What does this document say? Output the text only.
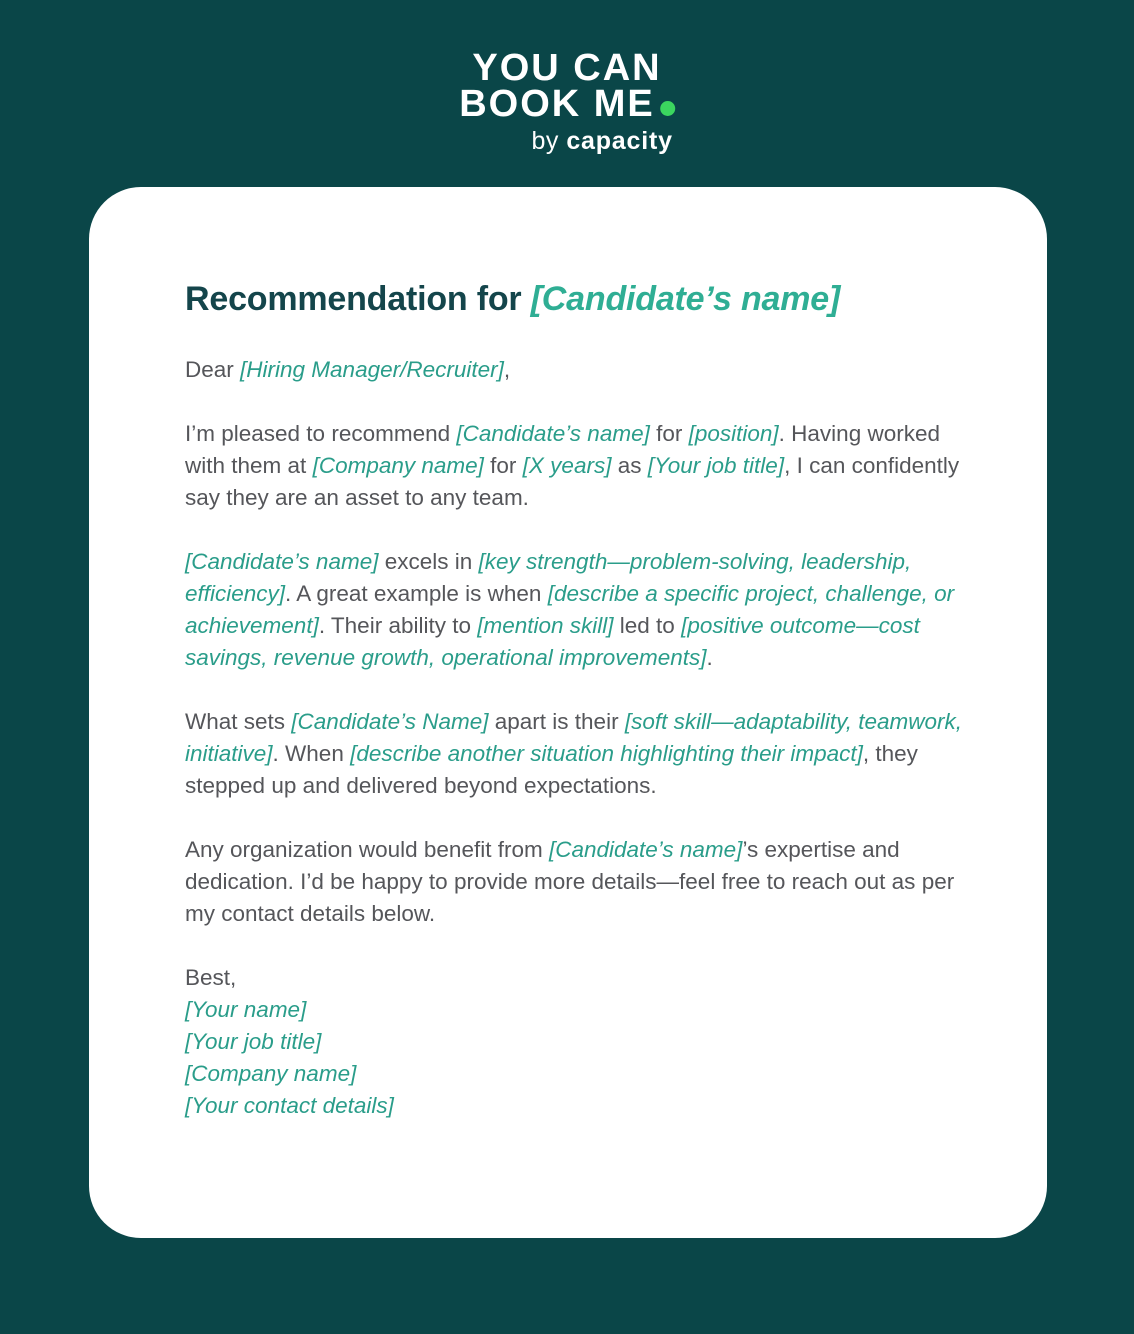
YOU CAN
BOOK ME
by capacity
Recommendation for [Candidate’s name]

Dear [Hiring Manager/Recruiter],

I’m pleased to recommend [Candidate’s name] for [position]. Having worked with them at [Company name] for [X years] as [Your job title], I can confidently say they are an asset to any team.

[Candidate’s name] excels in [key strength—problem-solving, leadership, efficiency]. A great example is when [describe a specific project, challenge, or achievement]. Their ability to [mention skill] led to [positive outcome—cost savings, revenue growth, operational improvements].

What sets [Candidate’s Name] apart is their [soft skill—adaptability, teamwork, initiative]. When [describe another situation highlighting their impact], they stepped up and delivered beyond expectations.

Any organization would benefit from [Candidate’s name]’s expertise and dedication. I’d be happy to provide more details—feel free to reach out as per my contact details below.

Best,
[Your name]
[Your job title]
[Company name]
[Your contact details]
